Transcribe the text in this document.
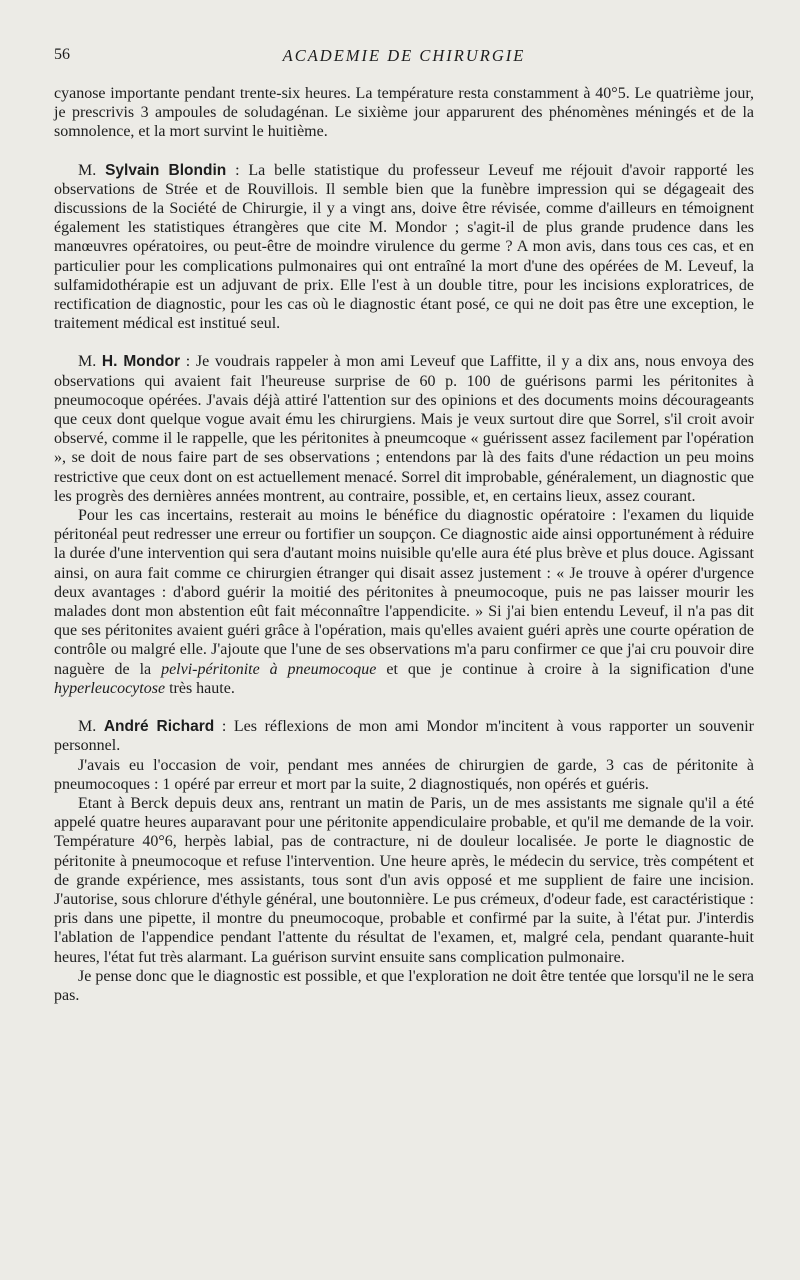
56	ACADEMIE DE CHIRURGIE

cyanose importante pendant trente-six heures. La température resta constamment à 40°5. Le quatrième jour, je prescrivis 3 ampoules de soludagénan. Le sixième jour apparurent des phénomènes méningés et de la somnolence, et la mort survint le huitième.

M. Sylvain Blondin : La belle statistique du professeur Leveuf me réjouit d'avoir rapporté les observations de Strée et de Rouvillois. Il semble bien que la funèbre impression qui se dégageait des discussions de la Société de Chirurgie, il y a vingt ans, doive être révisée, comme d'ailleurs en témoignent également les statistiques étrangères que cite M. Mondor ; s'agit-il de plus grande prudence dans les manœuvres opératoires, ou peut-être de moindre virulence du germe ? A mon avis, dans tous ces cas, et en particulier pour les complications pulmonaires qui ont entraîné la mort d'une des opérées de M. Leveuf, la sulfamidothérapie est un adjuvant de prix. Elle l'est à un double titre, pour les incisions exploratrices, de rectification de diagnostic, pour les cas où le diagnostic étant posé, ce qui ne doit pas être une exception, le traitement médical est institué seul.

M. H. Mondor : Je voudrais rappeler à mon ami Leveuf que Laffitte, il y a dix ans, nous envoya des observations qui avaient fait l'heureuse surprise de 60 p. 100 de guérisons parmi les péritonites à pneumocoque opérées. J'avais déjà attiré l'attention sur des opinions et des documents moins décourageants que ceux dont quelque vogue avait ému les chirurgiens. Mais je veux surtout dire que Sorrel, s'il croit avoir observé, comme il le rappelle, que les péritonites à pneumcoque « guérissent assez facilement par l'opération », se doit de nous faire part de ses observations ; entendons par là des faits d'une rédaction un peu moins restrictive que ceux dont on est actuellement menacé. Sorrel dit improbable, généralement, un diagnostic que les progrès des dernières années montrent, au contraire, possible, et, en certains lieux, assez courant.

Pour les cas incertains, resterait au moins le bénéfice du diagnostic opératoire : l'examen du liquide péritonéal peut redresser une erreur ou fortifier un soupçon. Ce diagnostic aide ainsi opportunément à réduire la durée d'une intervention qui sera d'autant moins nuisible qu'elle aura été plus brève et plus douce. Agissant ainsi, on aura fait comme ce chirurgien étranger qui disait assez justement : « Je trouve à opérer d'urgence deux avantages : d'abord guérir la moitié des péritonites à pneumocoque, puis ne pas laisser mourir les malades dont mon abstention eût fait méconnaître l'appendicite. » Si j'ai bien entendu Leveuf, il n'a pas dit que ses péritonites avaient guéri grâce à l'opération, mais qu'elles avaient guéri après une courte opération de contrôle ou malgré elle. J'ajoute que l'une de ses observations m'a paru confirmer ce que j'ai cru pouvoir dire naguère de la pelvi-péritonite à pneumocoque et que je continue à croire à la signification d'une hyperleucocytose très haute.

M. André Richard : Les réflexions de mon ami Mondor m'incitent à vous rapporter un souvenir personnel.

J'avais eu l'occasion de voir, pendant mes années de chirurgien de garde, 3 cas de péritonite à pneumocoques : 1 opéré par erreur et mort par la suite, 2 diagnostiqués, non opérés et guéris.

Etant à Berck depuis deux ans, rentrant un matin de Paris, un de mes assistants me signale qu'il a été appelé quatre heures auparavant pour une péritonite appendiculaire probable, et qu'il me demande de la voir. Température 40°6, herpès labial, pas de contracture, ni de douleur localisée. Je porte le diagnostic de péritonite à pneumocoque et refuse l'intervention. Une heure après, le médecin du service, très compétent et de grande expérience, mes assistants, tous sont d'un avis opposé et me supplient de faire une incision. J'autorise, sous chlorure d'éthyle général, une boutonnière. Le pus crémeux, d'odeur fade, est caractéristique : pris dans une pipette, il montre du pneumocoque, probable et confirmé par la suite, à l'état pur. J'interdis l'ablation de l'appendice pendant l'attente du résultat de l'examen, et, malgré cela, pendant quarante-huit heures, l'état fut très alarmant. La guérison survint ensuite sans complication pulmonaire.

Je pense donc que le diagnostic est possible, et que l'exploration ne doit être tentée que lorsqu'il ne le sera pas.
